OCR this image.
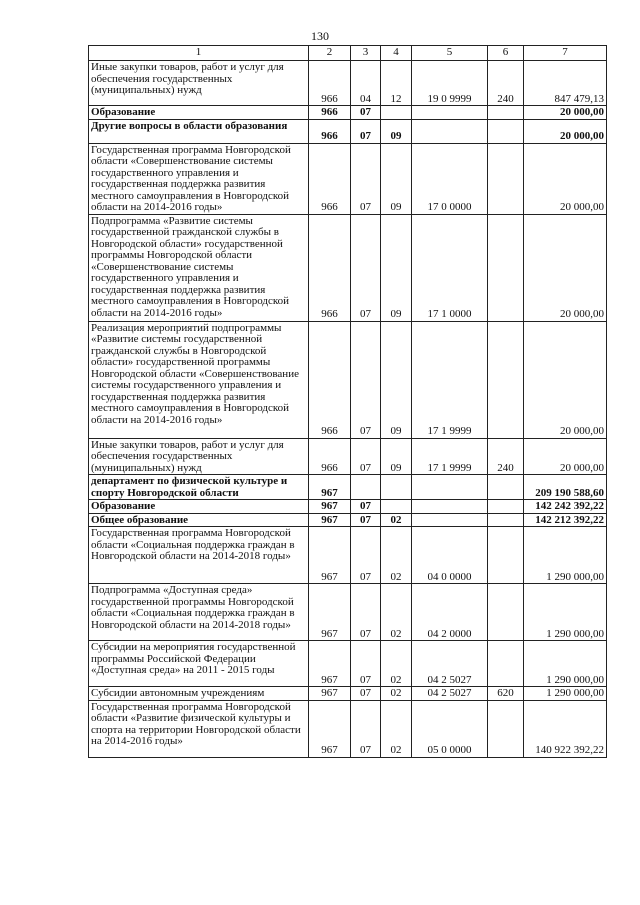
130
1	2	3	4	5	6	7
Иные закупки товаров, работ и услуг для обеспечения государственных (муниципальных) нужд	966	04	12	19 0 9999	240	847 479,13
Образование	966	07				20 000,00
Другие вопросы в области образования	966	07	09			20 000,00
Государственная программа Новгородской области «Совершенствование системы государственного управления и государственная поддержка развития местного самоуправления в Новгородской области на 2014-2016 годы»	966	07	09	17 0 0000		20 000,00
Подпрограмма «Развитие системы государственной гражданской службы в Новгородской области» государственной программы Новгородской области «Совершенствование системы государственного управления и государственная поддержка развития местного самоуправления в Новгородской области на 2014-2016 годы»	966	07	09	17 1 0000		20 000,00
Реализация мероприятий подпрограммы «Развитие системы государственной гражданской службы в Новгородской области» государственной программы Новгородской области «Совершенствование системы государственного управления и государственная поддержка развития местного самоуправления в Новгородской области на 2014-2016 годы»	966	07	09	17 1 9999		20 000,00
Иные закупки товаров, работ и услуг для обеспечения государственных (муниципальных) нужд	966	07	09	17 1 9999	240	20 000,00
департамент по физической культуре и спорту Новгородской области	967					209 190 588,60
Образование	967	07				142 242 392,22
Общее образование	967	07	02			142 212 392,22
Государственная программа Новгородской области «Социальная поддержка граждан в Новгородской области на 2014-2018 годы»	967	07	02	04 0 0000		1 290 000,00
Подпрограмма «Доступная среда» государственной программы Новгородской области «Социальная поддержка граждан в Новгородской области на 2014-2018 годы»	967	07	02	04 2 0000		1 290 000,00
Субсидии на мероприятия государственной программы Российской Федерации «Доступная среда» на 2011 - 2015 годы	967	07	02	04 2 5027		1 290 000,00
Субсидии автономным учреждениям	967	07	02	04 2 5027	620	1 290 000,00
Государственная программа Новгородской области «Развитие физической культуры и спорта на территории Новгородской области на 2014-2016 годы»	967	07	02	05 0 0000		140 922 392,22
